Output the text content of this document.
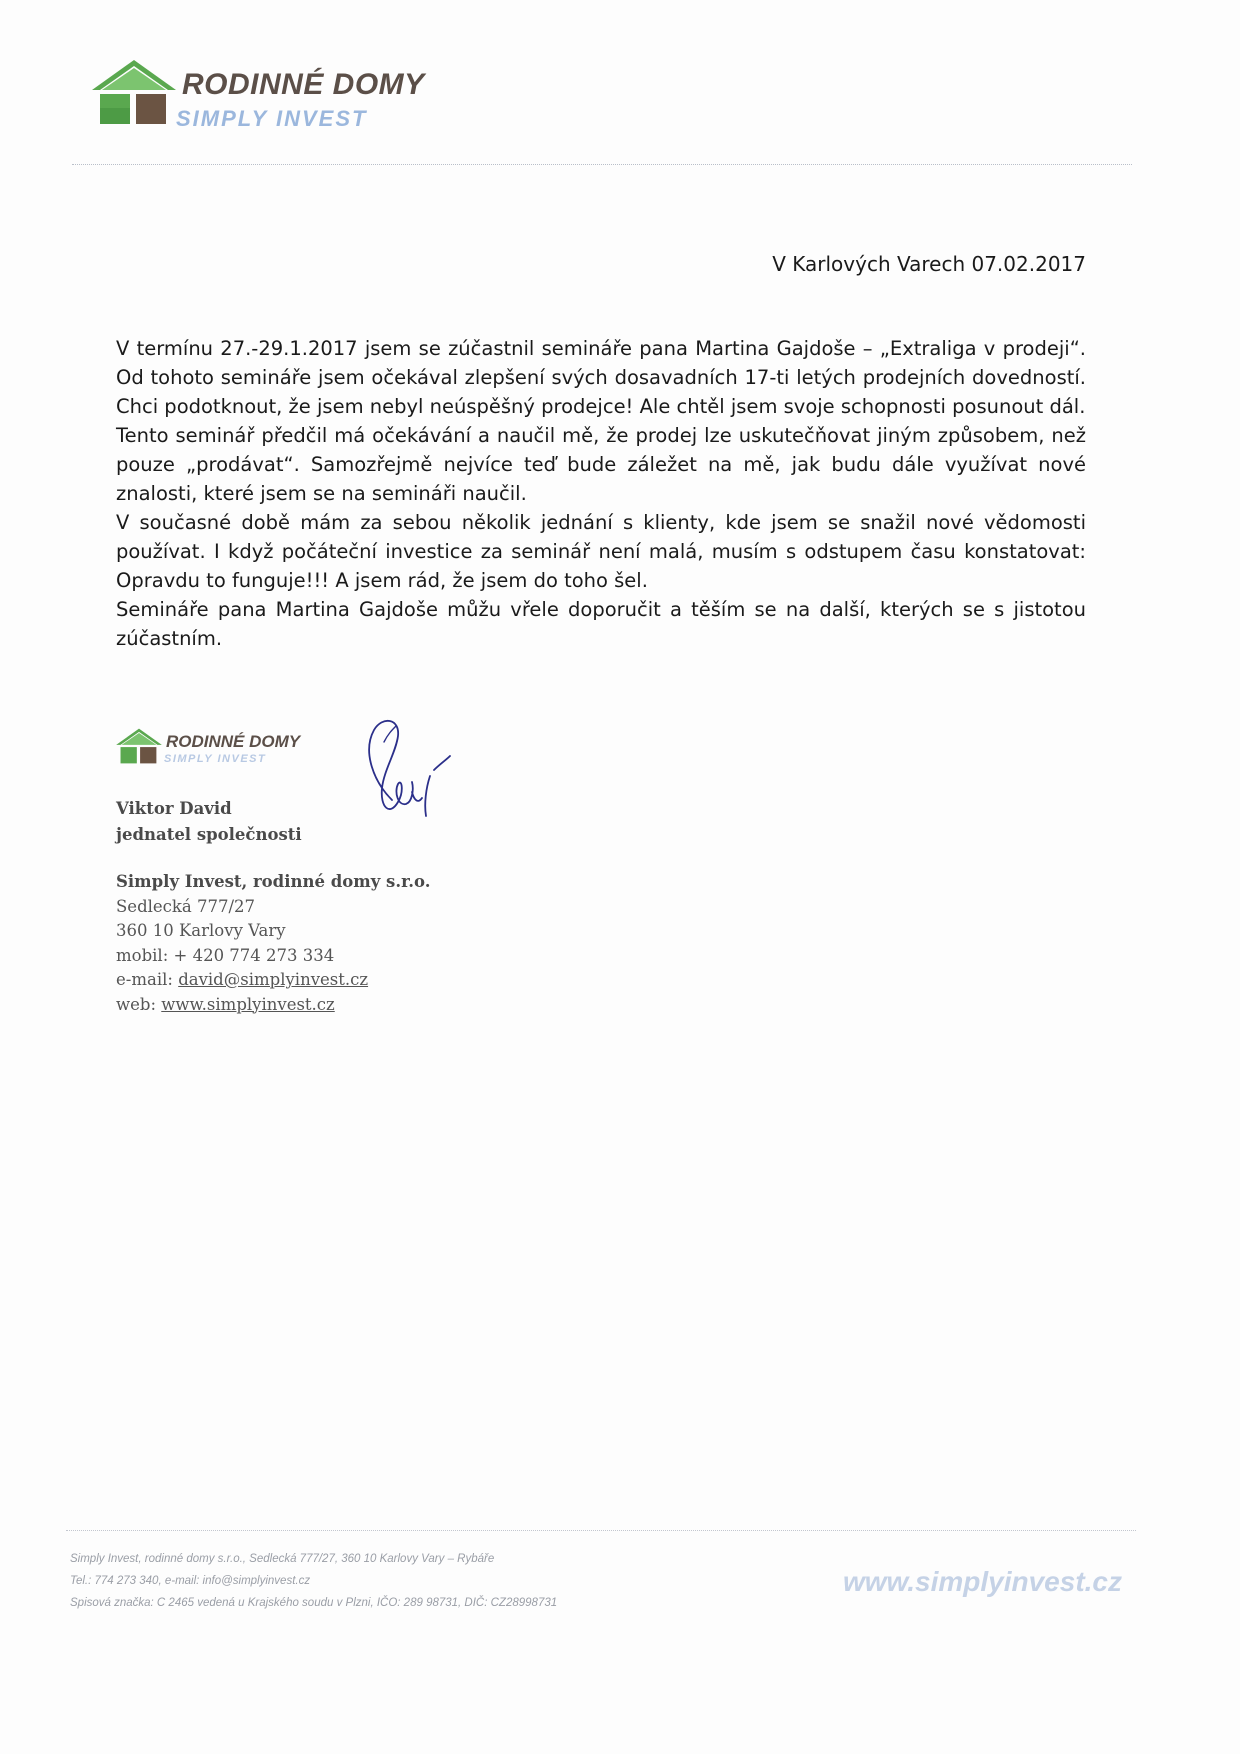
RODINNÉ DOMY
SIMPLY INVEST
V Karlových Varech 07.02.2017

V termínu 27.-29.1.2017 jsem se zúčastnil semináře pana Martina Gajdoše – „Extraliga v prodeji“. Od tohoto semináře jsem očekával zlepšení svých dosavadních 17-ti letých prodejních dovedností. Chci podotknout, že jsem nebyl neúspěšný prodejce! Ale chtěl jsem svoje schopnosti posunout dál.

Tento seminář předčil má očekávání a naučil mě, že prodej lze uskutečňovat jiným způsobem, než pouze „prodávat“. Samozřejmě nejvíce teď bude záležet na mě, jak budu dále využívat nové znalosti, které jsem se na semináři naučil.

V současné době mám za sebou několik jednání s klienty, kde jsem se snažil nové vědomosti používat. I když počáteční investice za seminář není malá, musím s odstupem času konstatovat: Opravdu to funguje!!! A jsem rád, že jsem do toho šel.

Semináře pana Martina Gajdoše můžu vřele doporučit a těším se na další, kterých se s jistotou zúčastním.

RODINNÉ DOMY
SIMPLY INVEST
Viktor David
jednatel společnosti
Simply Invest, rodinné domy s.r.o.
Sedlecká 777/27
360 10 Karlovy Vary
mobil: + 420 774 273 334
e-mail: david@simplyinvest.cz
web: www.simplyinvest.cz
Simply Invest, rodinné domy s.r.o., Sedlecká 777/27, 360 10 Karlovy Vary – Rybáře
Tel.: 774 273 340, e-mail: info@simplyinvest.cz
Spisová značka: C 2465 vedená u Krajského soudu v Plzni, IČO: 289 98731, DIČ: CZ28998731
www.simplyinvest.cz
